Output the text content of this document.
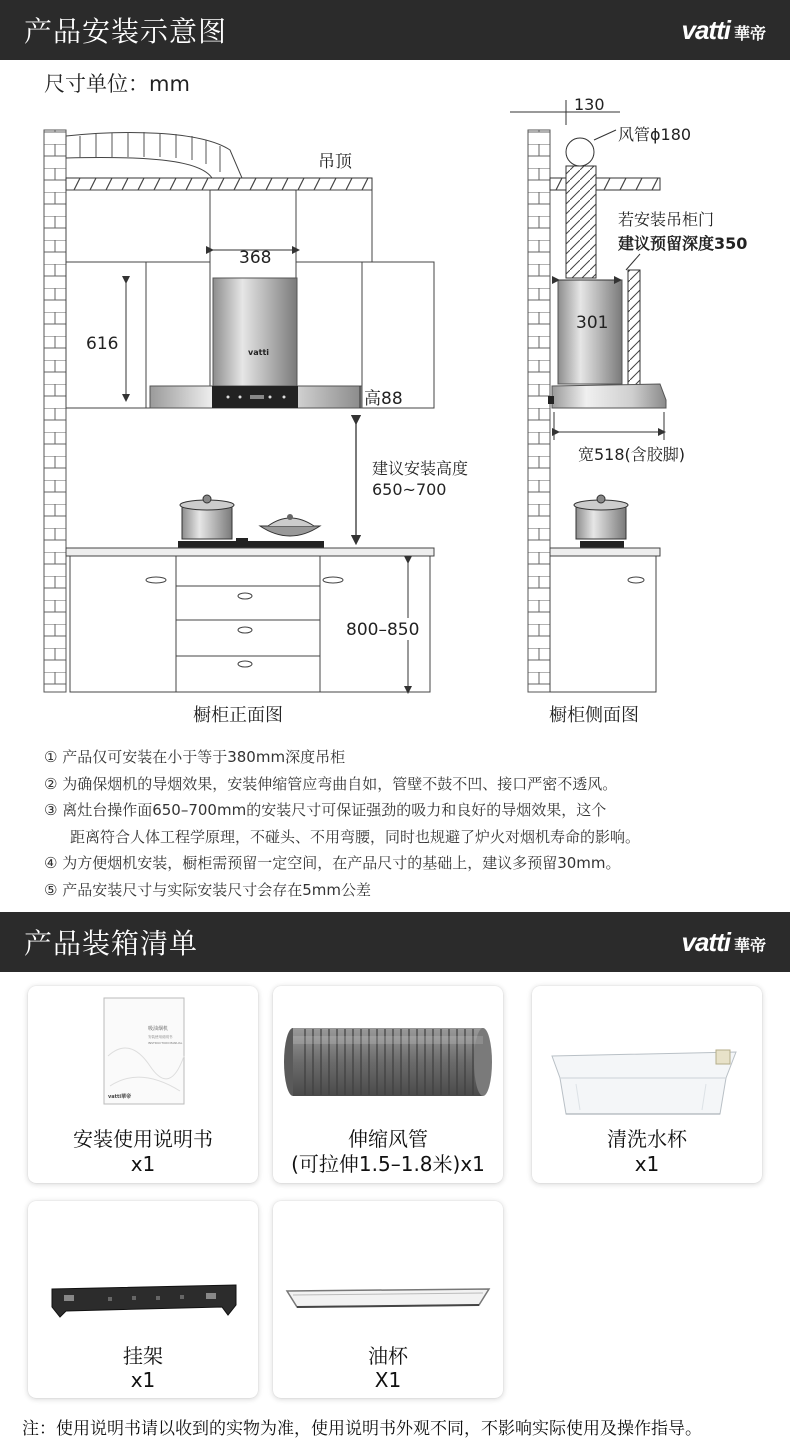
产品安装示意图	vatti 華帝
尺寸单位：mm
吊顶
368
vatti
616
高88
建议安装高度
650~700
800–850
橱柜正面图
130
风管ϕ180
若安装吊柜门
建议预留深度350
301
宽518(含胶脚)
橱柜侧面图
① 产品仅可安装在小于等于380mm深度吊柜
② 为确保烟机的导烟效果，安装伸缩管应弯曲自如，管壁不鼓不凹、接口严密不透风。
③ 离灶台操作面650–700mm的安装尺寸可保证强劲的吸力和良好的导烟效果，这个
距离符合人体工程学原理，不碰头、不用弯腰，同时也规避了炉火对烟机寿命的影响。
④ 为方便烟机安装，橱柜需预留一定空间，在产品尺寸的基础上，建议多预留30mm。
⑤ 产品安装尺寸与实际安装尺寸会存在5mm公差
产品装箱清单	vatti 華帝
吸油烟机
安装使用说明书
INSTRUCTION MANUAL
vatti華帝
安装使用说明书
x1
伸缩风管
(可拉伸1.5–1.8米)x1
清洗水杯
x1
挂架
x1
油杯
X1
注：使用说明书请以收到的实物为准，使用说明书外观不同，不影响实际使用及操作指导。
